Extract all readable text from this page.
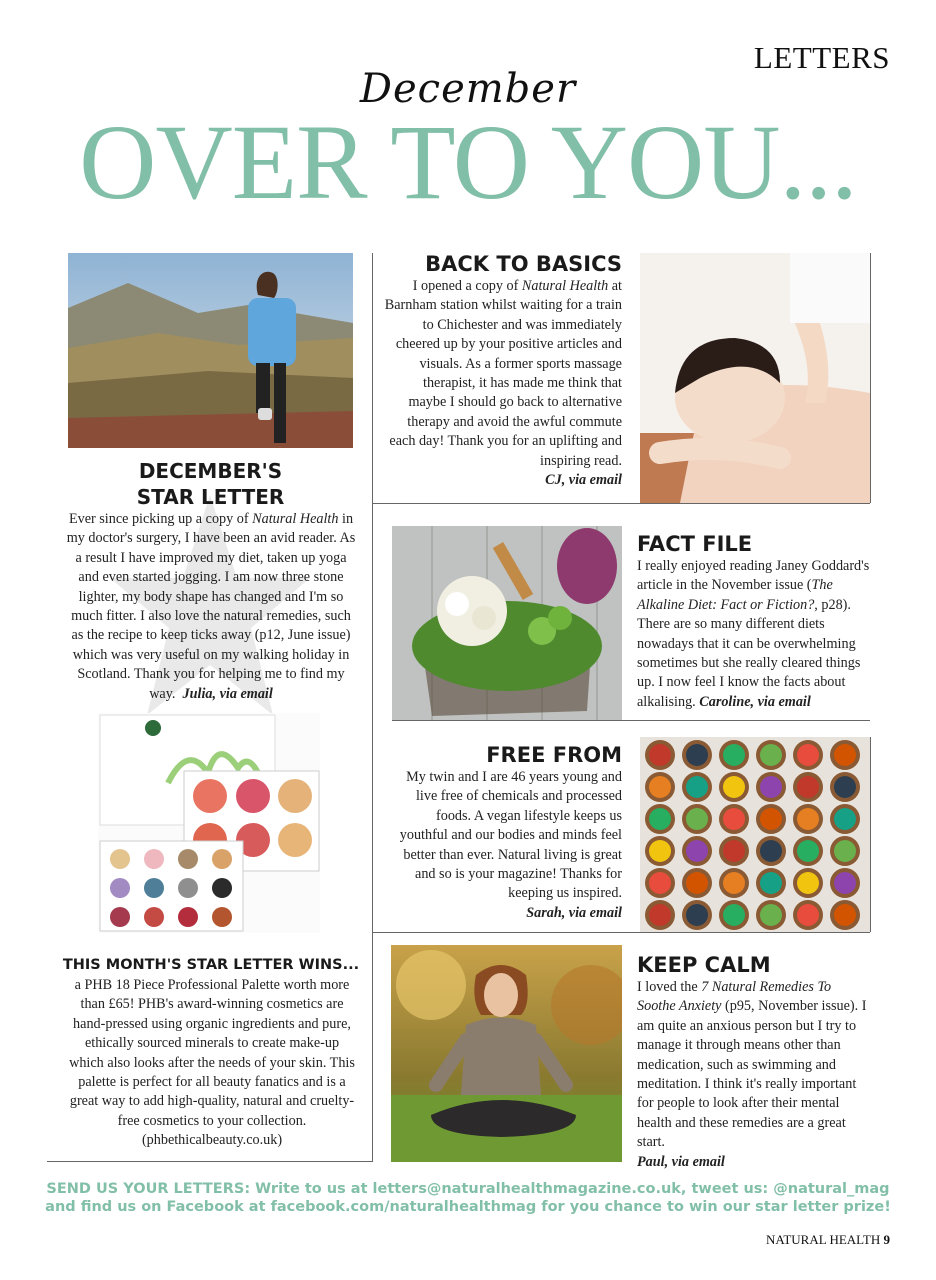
LETTERS
December
OVER TO YOU...
DECEMBER'S
STAR LETTER
Ever since picking up a copy of Natural Health in my doctor's surgery, I have been an avid reader. As a result I have improved my diet, taken up yoga and even started jogging. I am now three stone lighter, my body shape has changed and I'm so much fitter. I also love the natural remedies, such as the recipe to keep ticks away (p12, June issue) which was very useful on my walking holiday in Scotland. Thank you for helping me to find my way. Julia, via email
THIS MONTH'S STAR LETTER WINS...
a PHB 18 Piece Professional Palette worth more than £65! PHB's award-winning cosmetics are hand-pressed using organic ingredients and pure, ethically sourced minerals to create make-up which also looks after the needs of your skin. This palette is perfect for all beauty fanatics and is a great way to add high-quality, natural and cruelty-free cosmetics to your collection.
(phbethicalbeauty.co.uk)
BACK TO BASICS
I opened a copy of Natural Health at Barnham station whilst waiting for a train to Chichester and was immediately cheered up by your positive articles and visuals. As a former sports massage therapist, it has made me think that maybe I should go back to alternative therapy and avoid the awful commute each day! Thank you for an uplifting and inspiring read.
CJ, via email
FACT FILE
I really enjoyed reading Janey Goddard's article in the November issue (The Alkaline Diet: Fact or Fiction?, p28). There are so many different diets nowadays that it can be overwhelming sometimes but she really cleared things up. I now feel I know the facts about alkalising. Caroline, via email
FREE FROM
My twin and I are 46 years young and live free of chemicals and processed foods. A vegan lifestyle keeps us youthful and our bodies and minds feel better than ever. Natural living is great and so is your magazine! Thanks for keeping us inspired.
Sarah, via email
KEEP CALM
I loved the 7 Natural Remedies To Soothe Anxiety (p95, November issue). I am quite an anxious person but I try to manage it through means other than medication, such as swimming and meditation. I think it's really important for people to look after their mental health and these remedies are a great start.
Paul, via email
SEND US YOUR LETTERS: Write to us at letters@naturalhealthmagazine.co.uk, tweet us: @natural_mag
and find us on Facebook at facebook.com/naturalhealthmag for you chance to win our star letter prize!
NATURAL HEALTH 9
